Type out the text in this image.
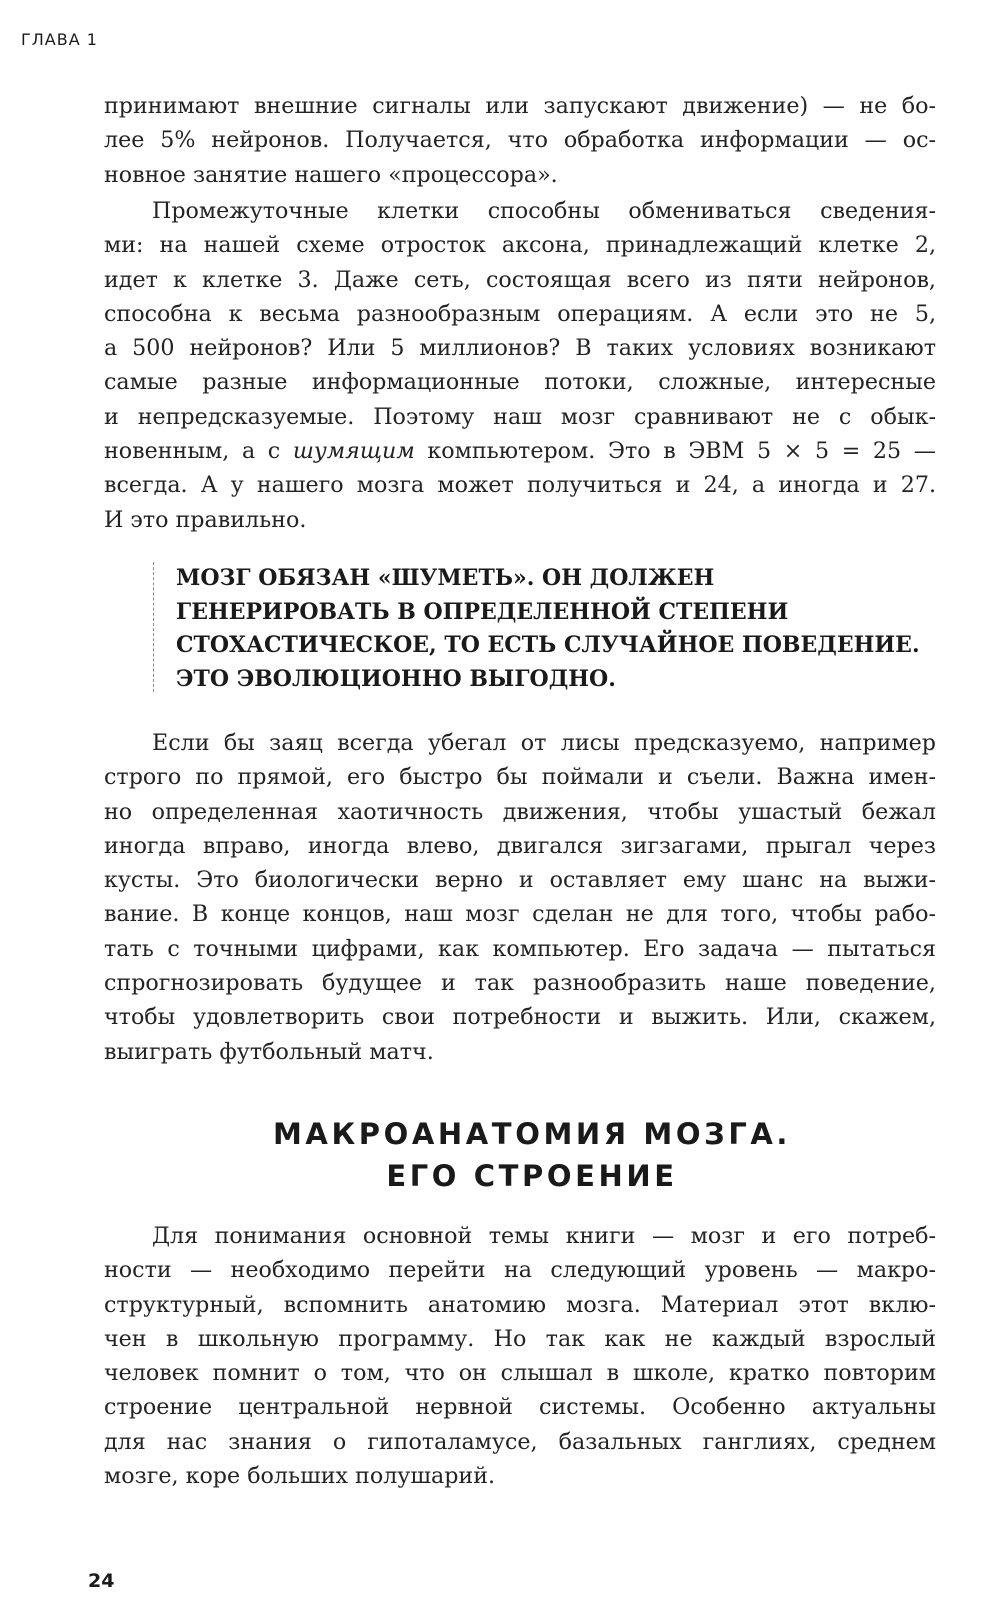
ГЛАВА 1
принимают внешние сигналы или запускают движение) — не бо-
лее 5% нейронов. Получается, что обработка информации — ос-
новное занятие нашего «процессора».
Промежуточные клетки способны обмениваться сведения-
ми: на нашей схеме отросток аксона, принадлежащий клетке 2,
идет к клетке 3. Даже сеть, состоящая всего из пяти нейронов,
способна к весьма разнообразным операциям. А если это не 5,
а 500 нейронов? Или 5 миллионов? В таких условиях возникают
самые разные информационные потоки, сложные, интересные
и непредсказуемые. Поэтому наш мозг сравнивают не с обык-
новенным, а с шумящим компьютером. Это в ЭВМ 5 × 5 = 25 —
всегда. А у нашего мозга может получиться и 24, а иногда и 27.
И это правильно.
МОЗГ ОБЯЗАН «ШУМЕТЬ». ОН ДОЛЖЕН
ГЕНЕРИРОВАТЬ В ОПРЕДЕЛЕННОЙ СТЕПЕНИ
СТОХАСТИЧЕСКОЕ, ТО ЕСТЬ СЛУЧАЙНОЕ ПОВЕДЕНИЕ.
ЭТО ЭВОЛЮЦИОННО ВЫГОДНО.
Если бы заяц всегда убегал от лисы предсказуемо, например
строго по прямой, его быстро бы поймали и съели. Важна имен-
но определенная хаотичность движения, чтобы ушастый бежал
иногда вправо, иногда влево, двигался зигзагами, прыгал через
кусты. Это биологически верно и оставляет ему шанс на выжи-
вание. В конце концов, наш мозг сделан не для того, чтобы рабо-
тать с точными цифрами, как компьютер. Его задача — пытаться
спрогнозировать будущее и так разнообразить наше поведение,
чтобы удовлетворить свои потребности и выжить. Или, скажем,
выиграть футбольный матч.
МАКРОАНАТОМИЯ МОЗГА.
ЕГО СТРОЕНИЕ
Для понимания основной темы книги — мозг и его потреб-
ности — необходимо перейти на следующий уровень — макро-
структурный, вспомнить анатомию мозга. Материал этот вклю-
чен в школьную программу. Но так как не каждый взрослый
человек помнит о том, что он слышал в школе, кратко повторим
строение центральной нервной системы. Особенно актуальны
для нас знания о гипоталамусе, базальных ганглиях, среднем
мозге, коре больших полушарий.
24
